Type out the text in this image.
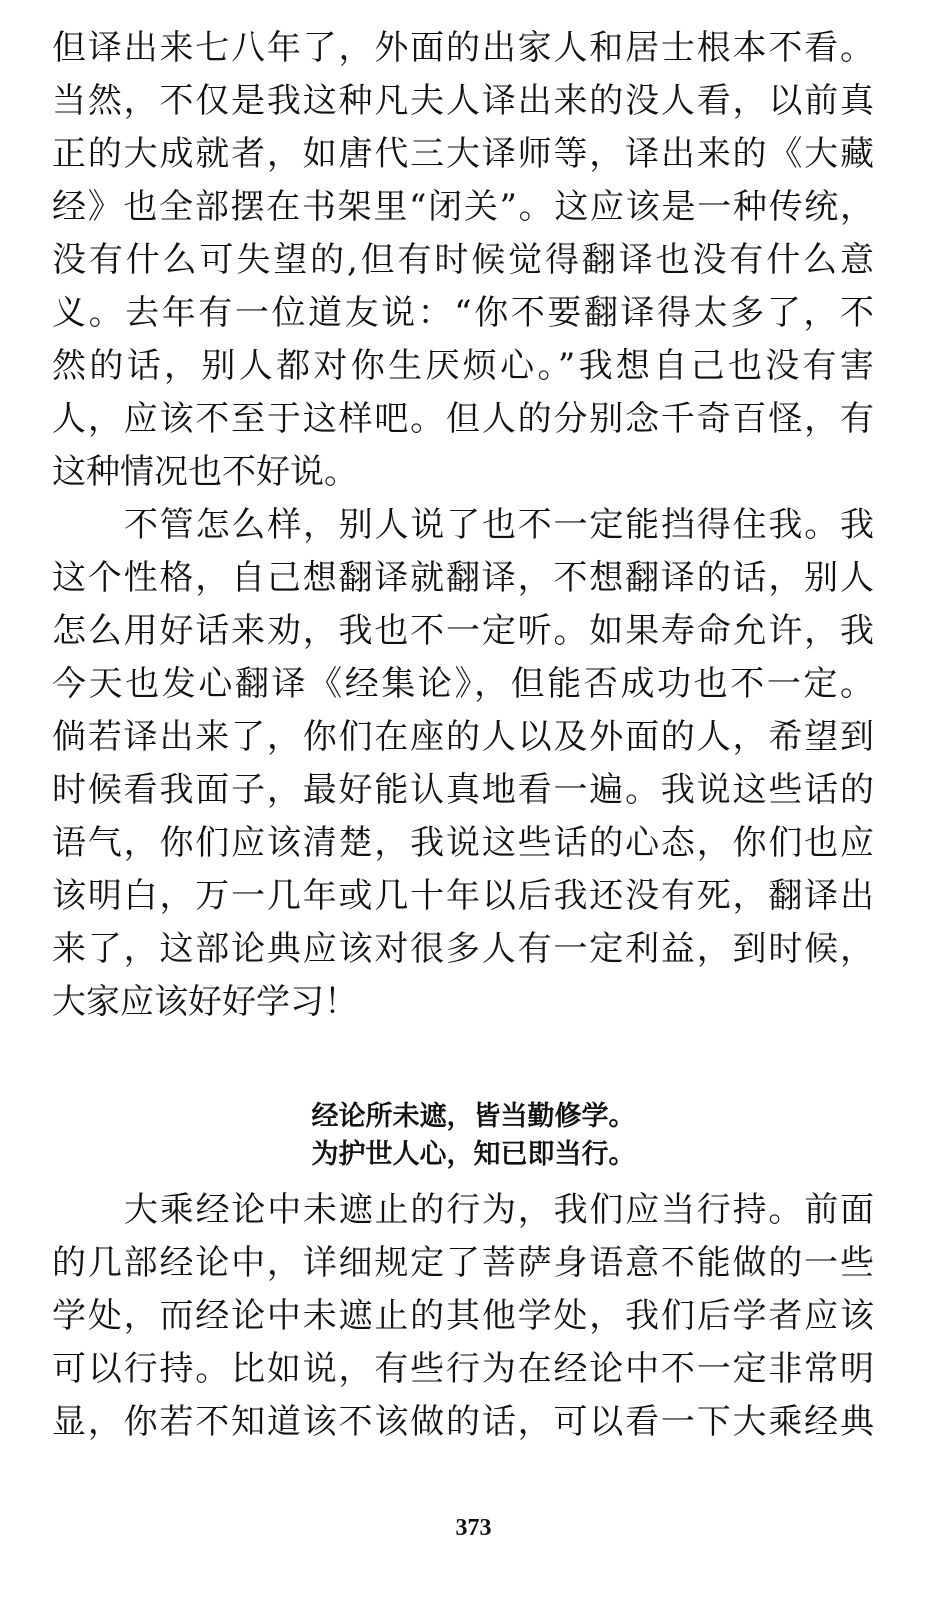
但译出来七八年了，外面的出家人和居士根本不看。
当然，不仅是我这种凡夫人译出来的没人看，以前真
正的大成就者，如唐代三大译师等，译出来的《大藏
经》也全部摆在书架里“闭关”。这应该是一种传统，
没有什么可失望的,但有时候觉得翻译也没有什么意
义。去年有一位道友说：“你不要翻译得太多了，不
然的话，别人都对你生厌烦心。”我想自己也没有害
人，应该不至于这样吧。但人的分别念千奇百怪，有
这种情况也不好说。
不管怎么样，别人说了也不一定能挡得住我。我
这个性格，自己想翻译就翻译，不想翻译的话，别人
怎么用好话来劝，我也不一定听。如果寿命允许，我
今天也发心翻译《经集论》，但能否成功也不一定。
倘若译出来了，你们在座的人以及外面的人，希望到
时候看我面子，最好能认真地看一遍。我说这些话的
语气，你们应该清楚，我说这些话的心态，你们也应
该明白，万一几年或几十年以后我还没有死，翻译出
来了，这部论典应该对很多人有一定利益，到时候，
大家应该好好学习！
经论所未遮，皆当勤修学。
为护世人心，知已即当行。
大乘经论中未遮止的行为，我们应当行持。前面
的几部经论中，详细规定了菩萨身语意不能做的一些
学处，而经论中未遮止的其他学处，我们后学者应该
可以行持。比如说，有些行为在经论中不一定非常明
显，你若不知道该不该做的话，可以看一下大乘经典
373
